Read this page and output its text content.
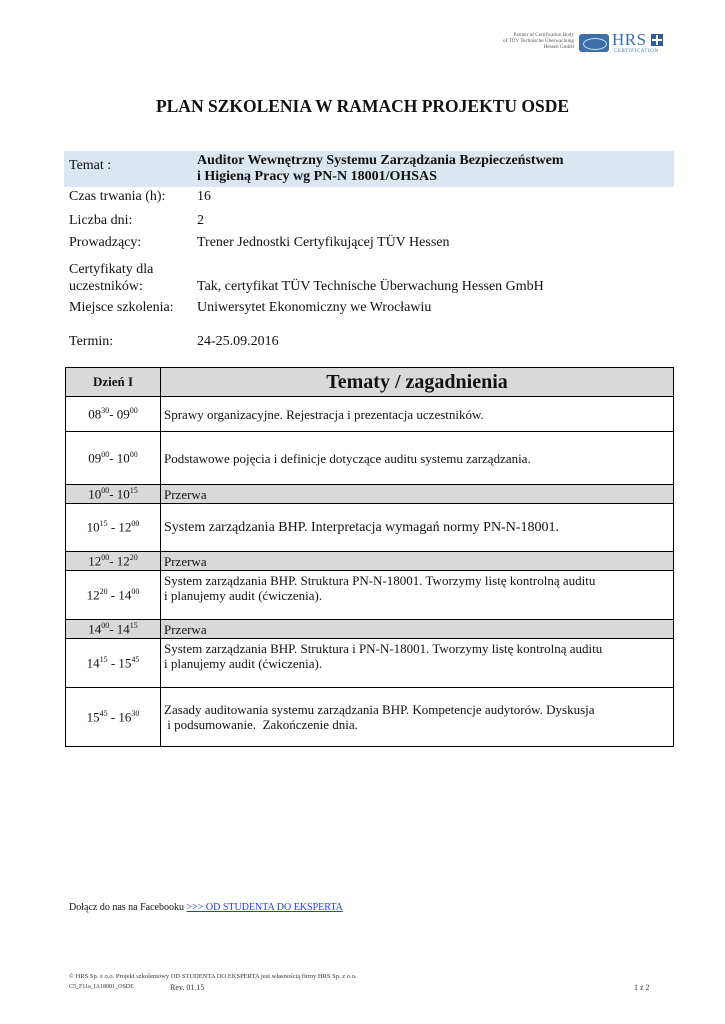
Partner of Certification Body
of TÜV Technische Überwachung
Hessen GmbH HRS
CERTIFICATION
PLAN SZKOLENIA W RAMACH PROJEKTU OSDE
Temat :	Auditor Wewnętrzny Systemu Zarządzania Bezpieczeństwem
i Higieną Pracy wg PN-N 18001/OHSAS
Czas trwania (h): 16
Liczba dni:	2
Prowadzący:	Trener Jednostki Certyfikującej TÜV Hessen
Certyfikaty dla
uczestników:	Tak, certyfikat TÜV Technische Überwachung Hessen GmbH
Miejsce szkolenia: Uniwersytet Ekonomiczny we Wrocławiu
Termin:	24-25.09.2016
Dzień I	Tematy / zagadnienia
$08^{30}-$ $09^{00}$	Sprawy organizacyjne. Rejestracja i prezentacja uczestników.
$09^{00}-$ $10^{00}$	Podstawowe pojęcia i definicje dotyczące auditu systemu zarządzania.
$10^{00}-$ $10^{15}$	Przerwa
$10^{15} - 12^{00}$	System zarządzania BHP. Interpretacja wymagań normy PN-N-18001.
$12^{00}-$ $12^{20}$	Przerwa
$12^{20} - 14^{00}$	System zarządzania BHP. Struktura PN-N-18001. Tworzymy listę kontrolną auditu
i planujemy audit (ćwiczenia).

$14^{00}-$ $14^{15}$	Przerwa
$14^{15} - 15^{45}$	System zarządzania BHP. Struktura i PN-N-18001. Tworzymy listę kontrolną auditu
i planujemy audit (ćwiczenia).

$15^{45} - 16^{30}$	Zasady auditowania systemu zarządzania BHP. Kompetencje audytorów. Dyskusja
i podsumowanie.  Zakończenie dnia.
Dołącz do nas na Facebooku >>> OD STUDENTA DO EKSPERTA
© HRS Sp. z o.o. Projekt szkoleniowy OD STUDENTA DO EKSPERTA jest własnością firmy HRS Sp. z o.o.
C5_F11a_IA18001_OSDE	Rev. 01.15	1 z 2
